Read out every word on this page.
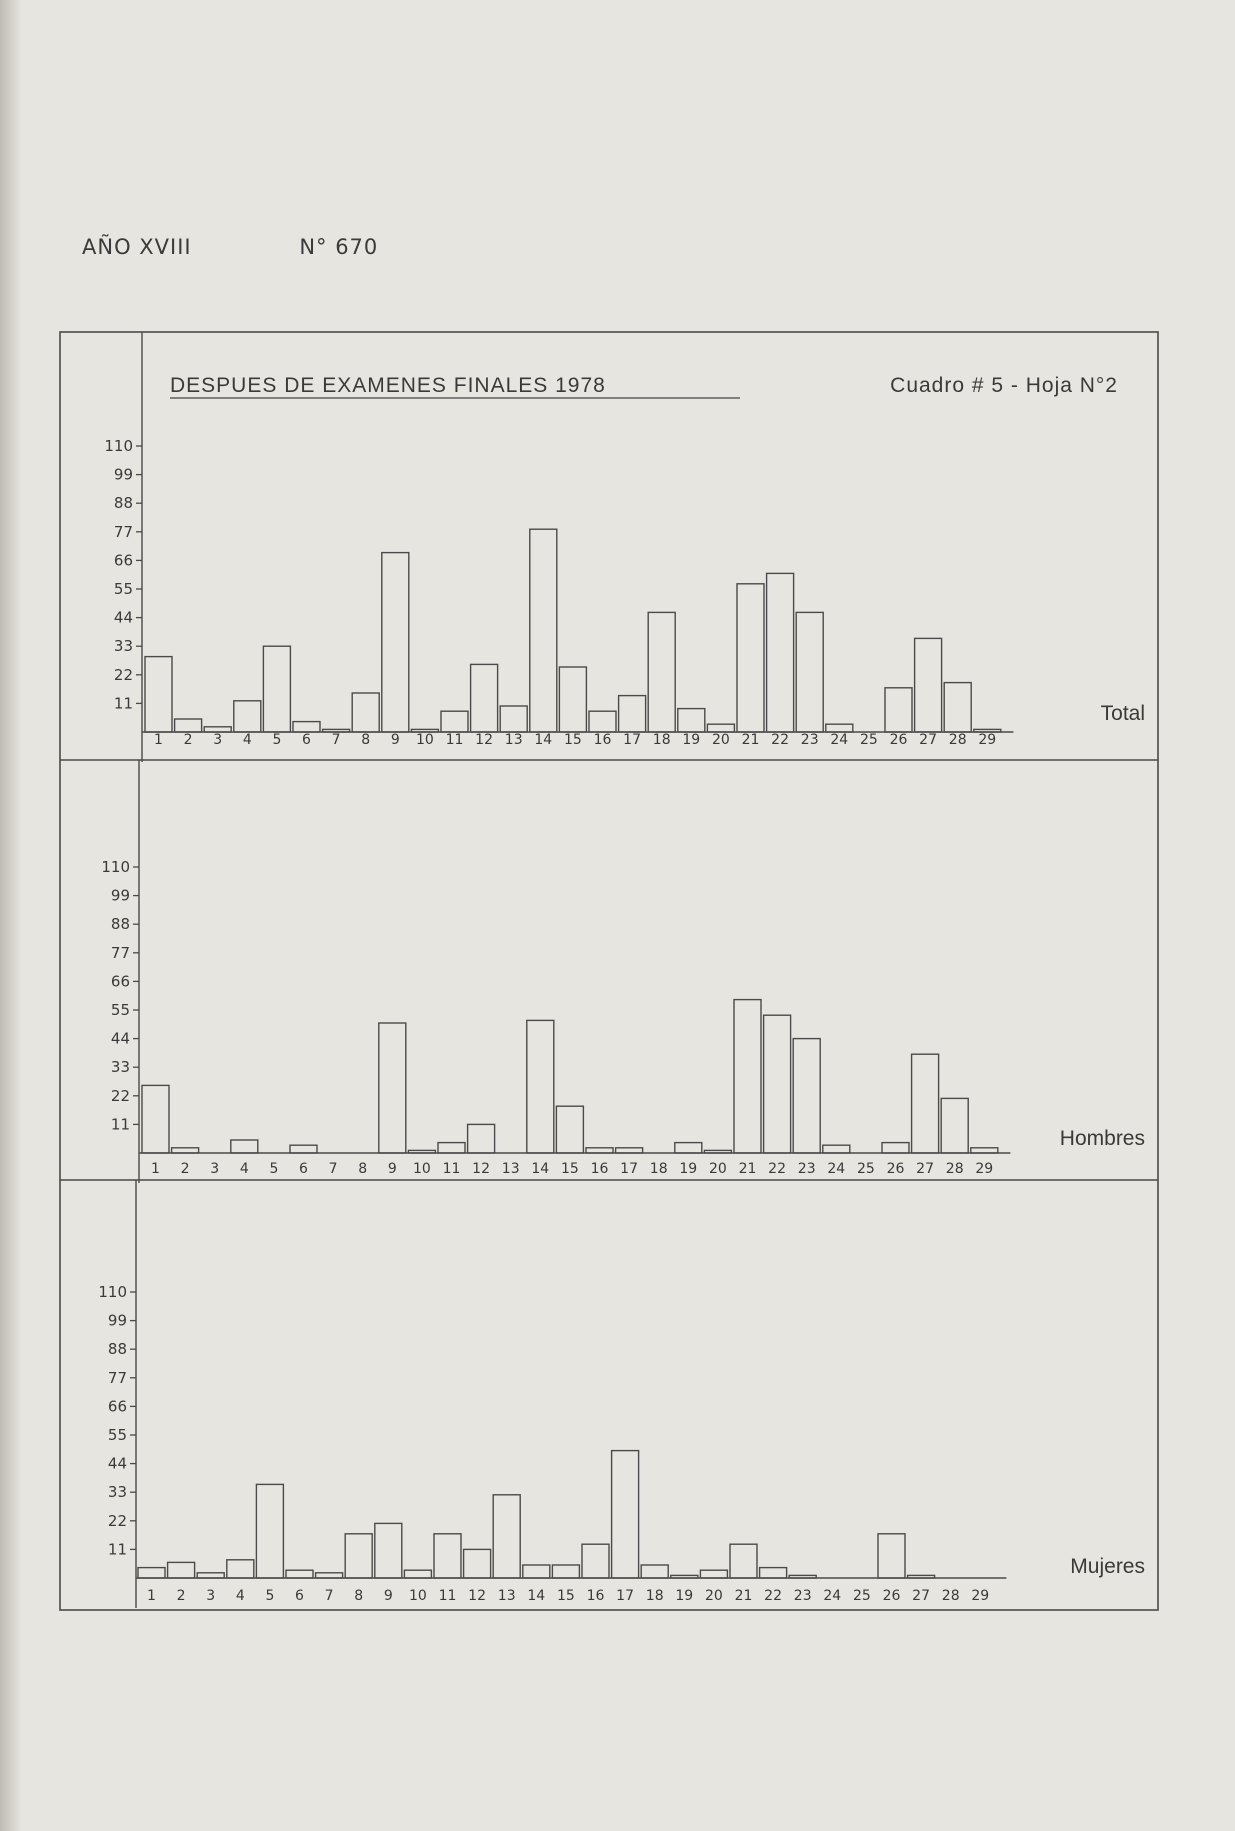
AÑO XVIII	N° 670
DESPUES DE EXAMENES FINALES 1978	Cuadro # 5 - Hoja N°2
11
22
33
44
55
66
77
88
99
110
1 2 3 4 5 6 7 8 9 10 11 12 13 14 15 16 17 18 19 20 21 22 23 24 25 26 27 28 29
Total
11
22
33
44
55
66
77
88
99
110
1 2 3 4 5 6 7 8 9 10 11 12 13 14 15 16 17 18 19 20 21 22 23 24 25 26 27 28 29
Hombres
11
22
33
44
55
66
77
88
99
110
1 2 3 4 5 6 7 8 9 10 11 12 13 14 15 16 17 18 19 20 21 22 23 24 25 26 27 28 29
Mujeres
